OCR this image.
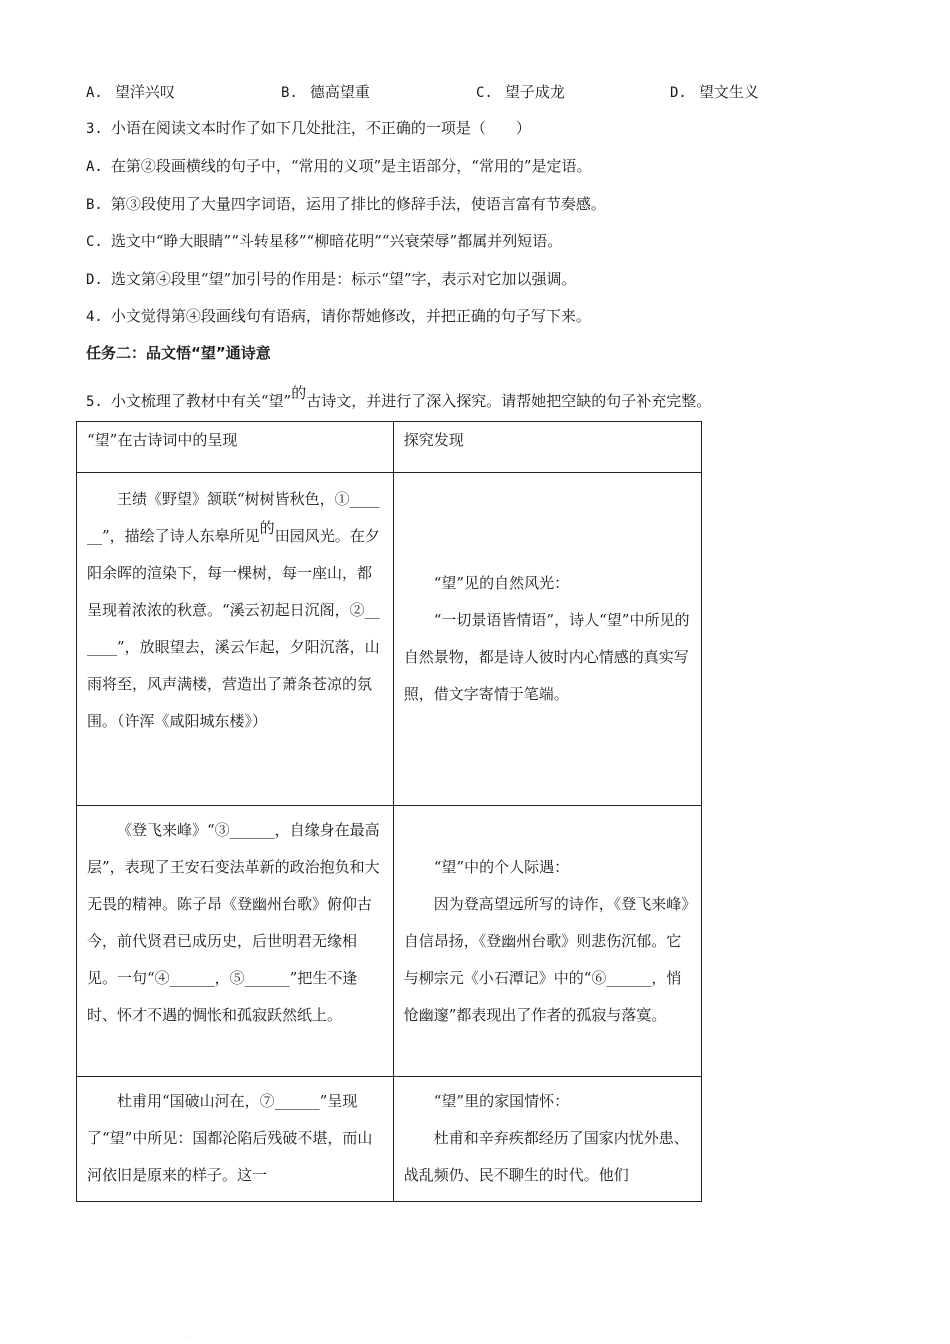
A. 望洋兴叹	B. 德高望重	C. 望子成龙	D. 望文生义
3. 小语在阅读文本时作了如下几处批注，不正确的一项是（　　）
A. 在第②段画横线的句子中，“常用的义项”是主语部分，“常用的”是定语。
B. 第③段使用了大量四字词语，运用了排比的修辞手法，使语言富有节奏感。
C. 选文中“睁大眼睛”“斗转星移”“柳暗花明”“兴衰荣辱”都属并列短语。
D. 选文第④段里“望”加引号的作用是：标示“望”字，表示对它加以强调。
4. 小文觉得第④段画线句有语病，请你帮她修改，并把正确的句子写下来。
任务二：品文悟“望”通诗意
5. 小文梳理了教材中有关“望”的古诗文，并进行了深入探究。请帮她把空缺的句子补充完整。
“望”在古诗词中的呈现	探究发现

王绩《野望》颔联“树树皆秋色，①______”，描绘了诗人东皋所见的田园风光。在夕阳余晖的渲染下，每一棵树，每一座山，都呈现着浓浓的秋意。“溪云初起日沉阁，②______”，放眼望去，溪云乍起，夕阳沉落，山雨将至，风声满楼，营造出了萧条苍凉的氛围。（许浑《咸阳城东楼》）	“望”见的自然风光：

“一切景语皆情语”，诗人“望”中所见的自然景物，都是诗人彼时内心情感的真实写照，借文字寄情于笔端。

《登飞来峰》“③______，自缘身在最高层”，表现了王安石变法革新的政治抱负和大无畏的精神。陈子昂《登幽州台歌》俯仰古今，前代贤君已成历史，后世明君无缘相见。一句“④______，⑤______”把生不逢时、怀才不遇的惆怅和孤寂跃然纸上。	“望”中的个人际遇：

因为登高望远所写的诗作，《登飞来峰》自信昂扬，《登幽州台歌》则悲伤沉郁。它与柳宗元《小石潭记》中的“⑥______，悄怆幽邃”都表现出了作者的孤寂与落寞。

杜甫用“国破山河在，⑦______”呈现了“望”中所见：国都沦陷后残破不堪，而山河依旧是原来的样子。这一	“望”里的家国情怀：

杜甫和辛弃疾都经历了国家内忧外患、战乱频仍、民不聊生的时代。他们

·
